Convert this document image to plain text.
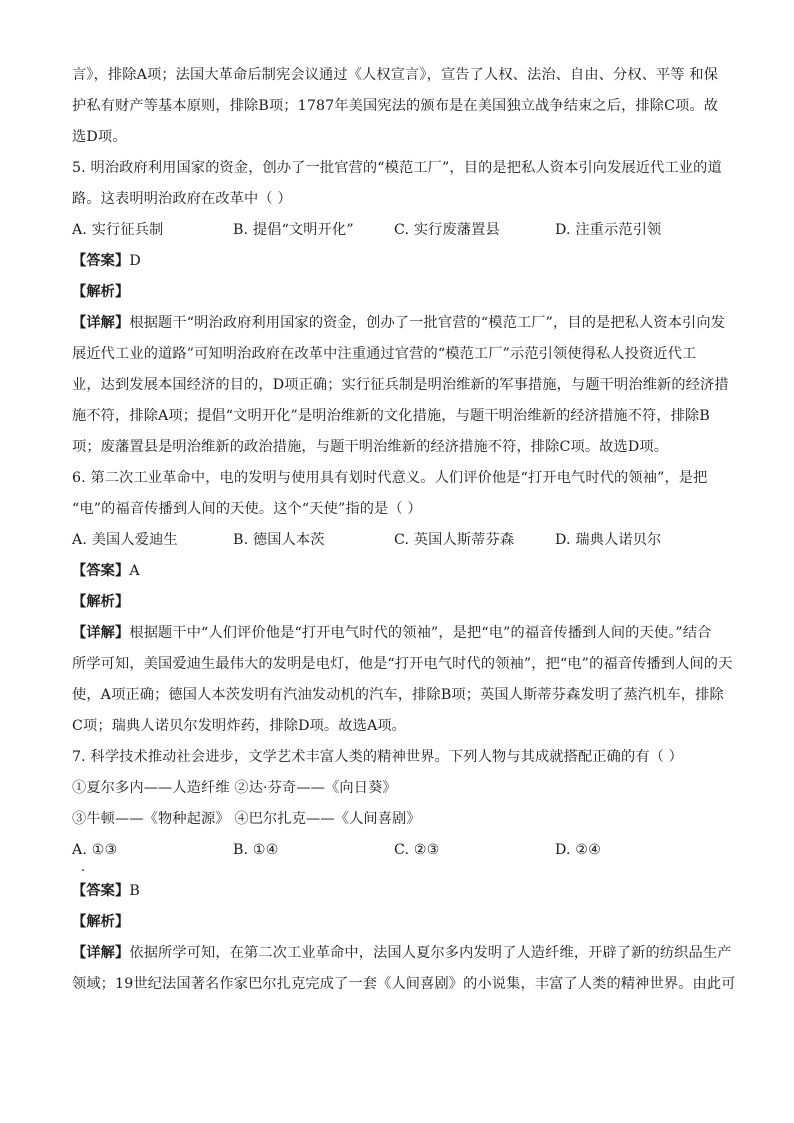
言》，排除A项；法国大革命后制宪会议通过《人权宣言》，宣告了人权、法治、自由、分权、平等 和保
护私有财产等基本原则，排除B项；1787年美国宪法的颁布是在美国独立战争结束之后，排除C项。故
选D项。
5. 明治政府利用国家的资金，创办了一批官营的“模范工厂”，目的是把私人资本引向发展近代工业的道
路。这表明明治政府在改革中（ ）
A. 实行征兵制	B. 提倡“文明开化”	C. 实行废藩置县	D. 注重示范引领
【答案】D
【解析】
【详解】根据题干“明治政府利用国家的资金，创办了一批官营的“模范工厂”，目的是把私人资本引向发
展近代工业的道路”可知明治政府在改革中注重通过官营的“模范工厂”示范引领使得私人投资近代工
业，达到发展本国经济的目的，D项正确；实行征兵制是明治维新的军事措施，与题干明治维新的经济措
施不符，排除A项；提倡“文明开化”是明治维新的文化措施，与题干明治维新的经济措施不符，排除B
项；废藩置县是明治维新的政治措施，与题干明治维新的经济措施不符，排除C项。故选D项。
6. 第二次工业革命中，电的发明与使用具有划时代意义。人们评价他是“打开电气时代的领袖”，是把
“电”的福音传播到人间的天使。这个“天使”指的是（ ）
A. 美国人爱迪生	B. 德国人本茨	C. 英国人斯蒂芬森	D. 瑞典人诺贝尔
【答案】A
【解析】
【详解】根据题干中“人们评价他是“打开电气时代的领袖”，是把“电”的福音传播到人间的天使。”结合
所学可知，美国爱迪生最伟大的发明是电灯，他是“打开电气时代的领袖”，把“电”的福音传播到人间的天
使，A项正确；德国人本茨发明有汽油发动机的汽车，排除B项；英国人斯蒂芬森发明了蒸汽机车，排除
C项；瑞典人诺贝尔发明炸药，排除D项。故选A项。
7. 科学技术推动社会进步，文学艺术丰富人类的精神世界。下列人物与其成就搭配正确的有（ ）
①夏尔多内——人造纤维 ②达·芬奇——《向日葵》
③牛顿——《物种起源》 ④巴尔扎克——《人间喜剧》
A. ①③	B. ①④	C. ②③	D. ②④
【答案】B
【解析】
【详解】依据所学可知，在第二次工业革命中，法国人夏尔多内发明了人造纤维，开辟了新的纺织品生产
领域；19世纪法国著名作家巴尔扎克完成了一套《人间喜剧》的小说集，丰富了人类的精神世界。由此可
